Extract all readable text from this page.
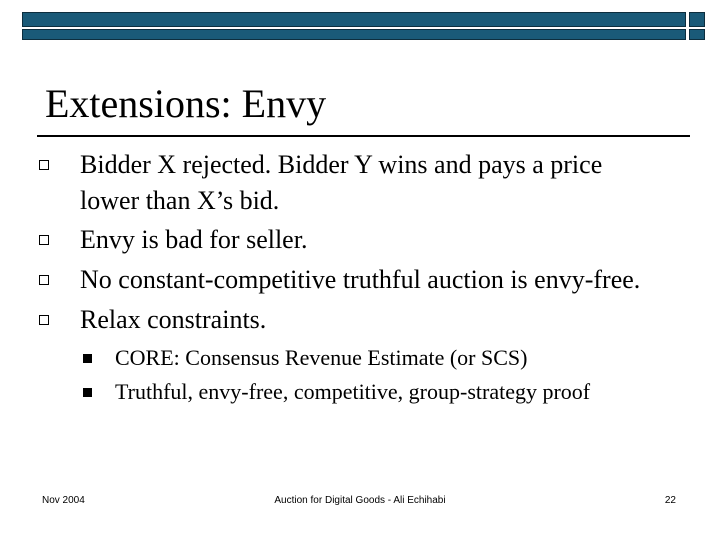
Extensions: Envy
Bidder X rejected. Bidder Y wins and pays a price
lower than X’s bid.
Envy is bad for seller.
No constant-competitive truthful auction is envy-free.
Relax constraints.
CORE: Consensus Revenue Estimate (or SCS)
Truthful, envy-free, competitive, group-strategy proof
Nov 2004	Auction for Digital Goods - Ali Echihabi	22
